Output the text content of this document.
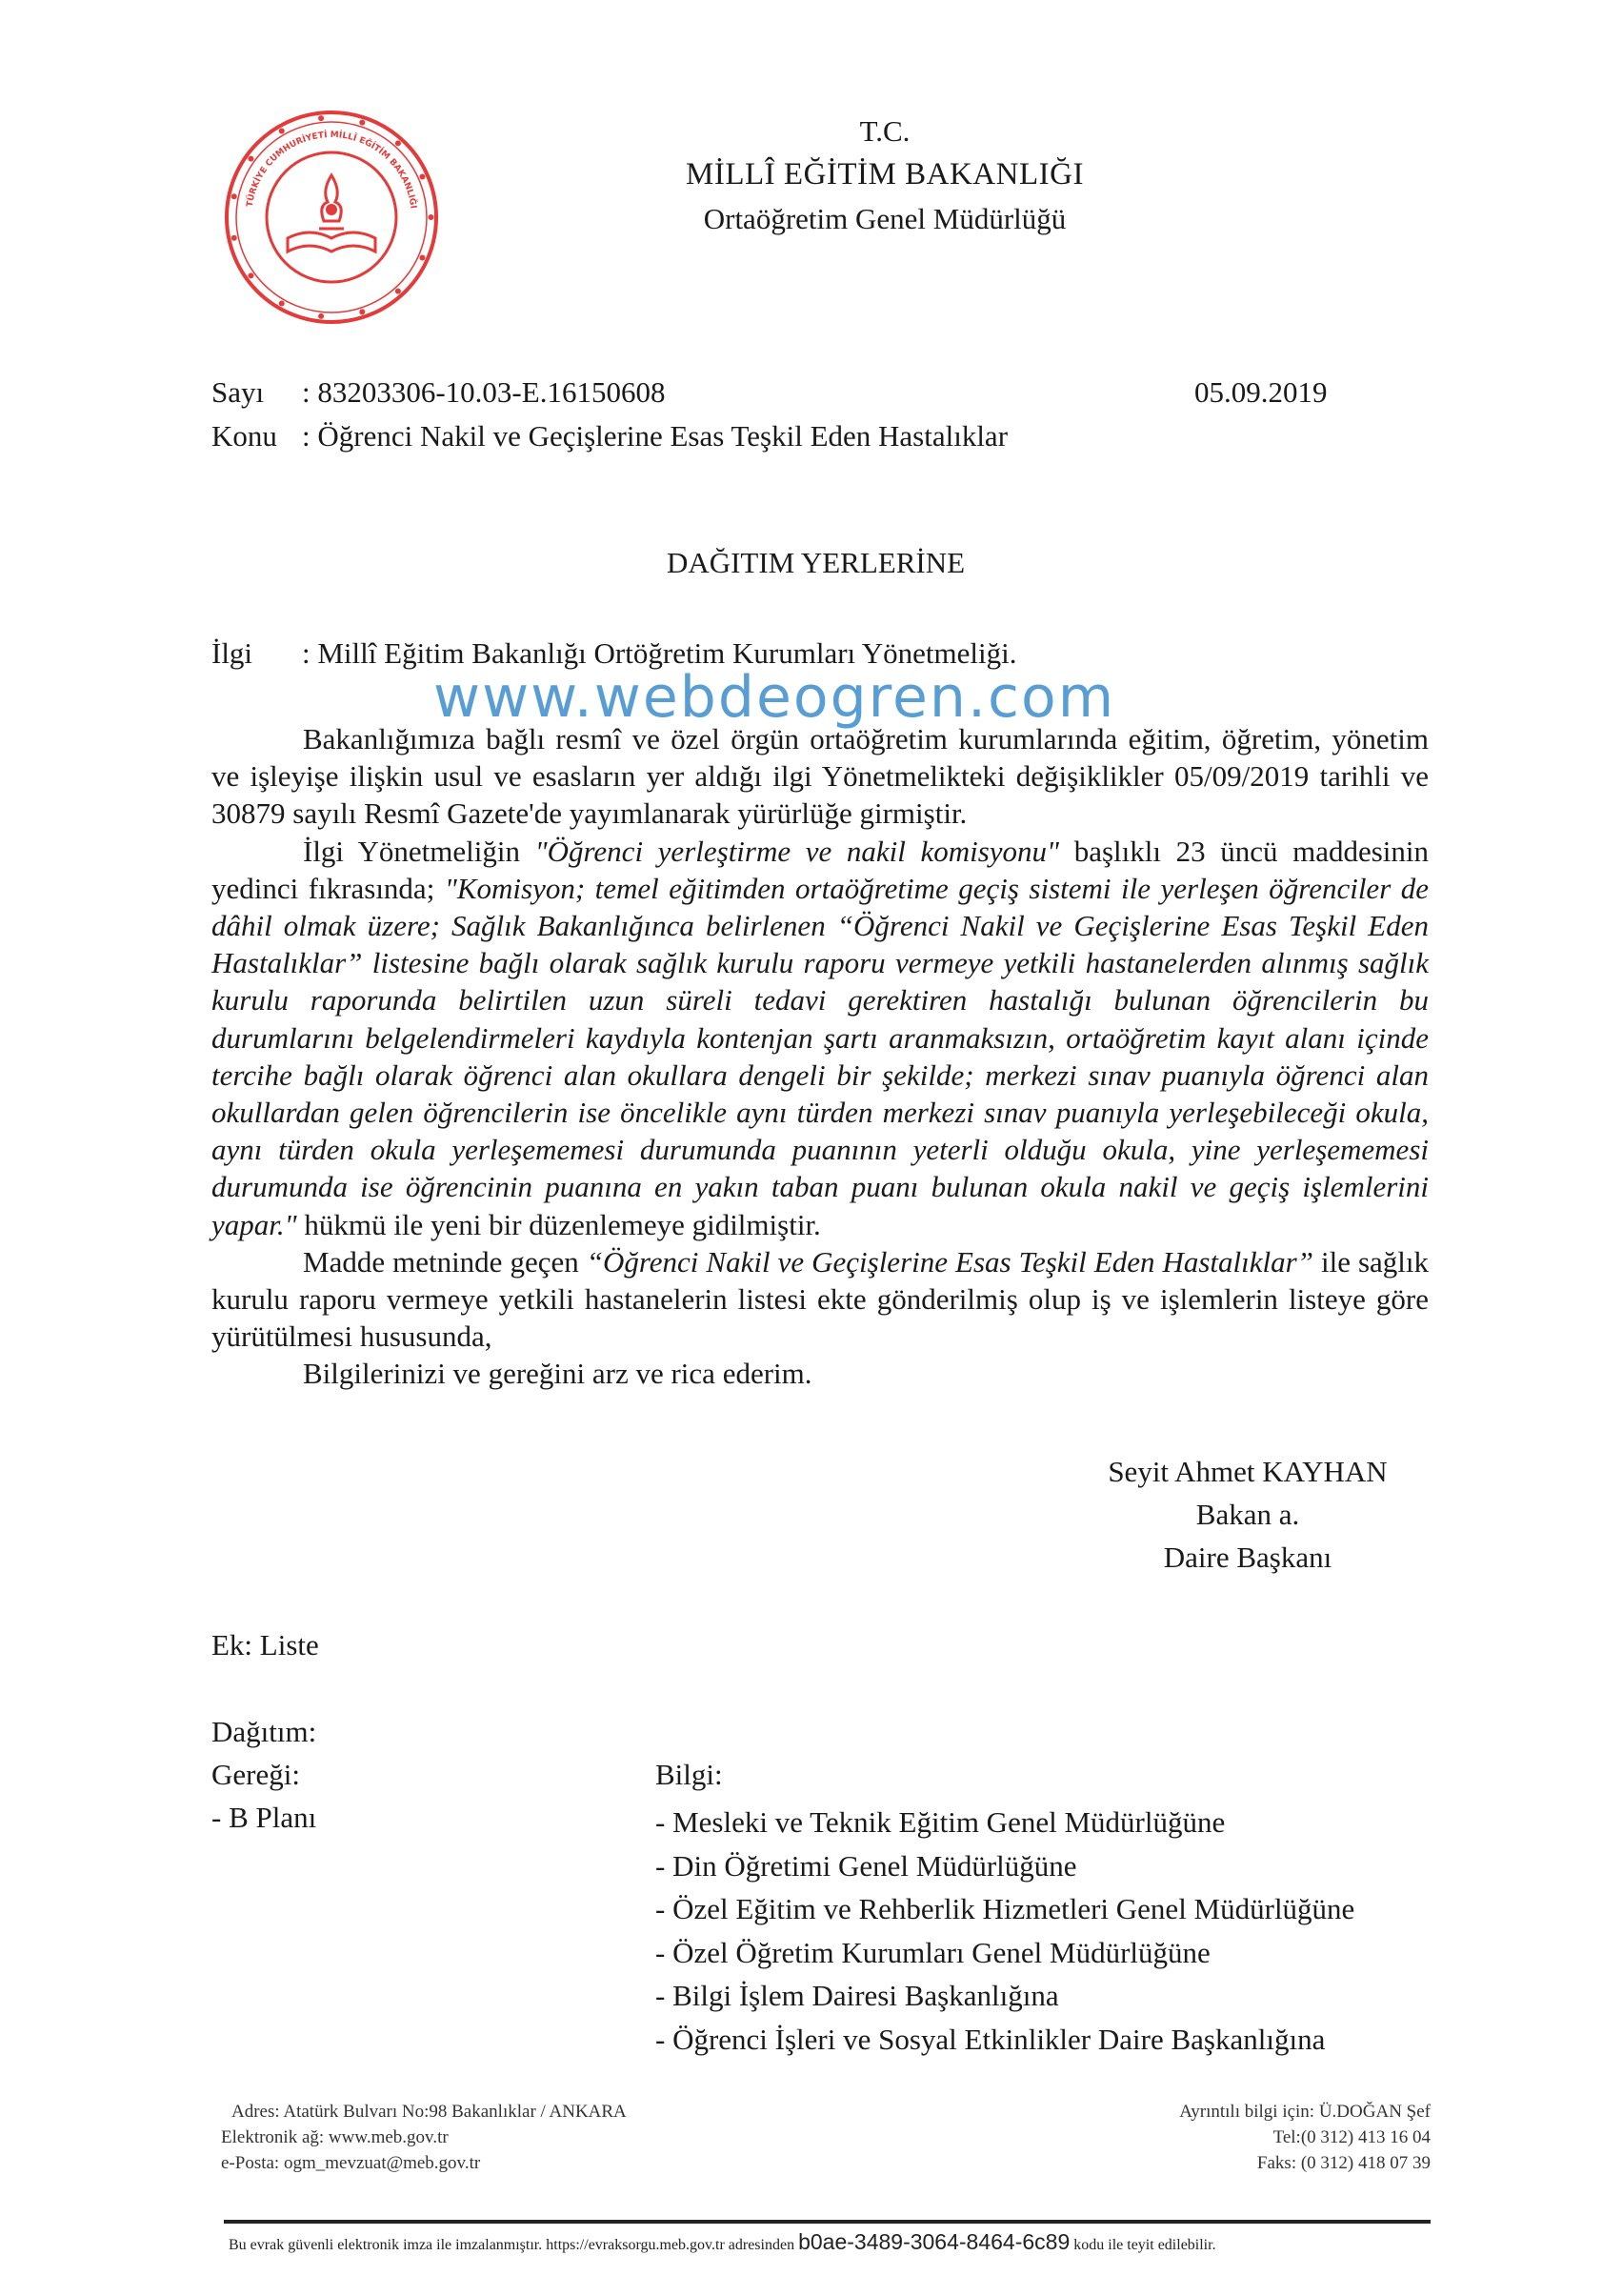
TÜRKİYE CUMHURİYETİ MİLLÎ EĞİTİM BAKANLIĞI
T.C.
MİLLÎ EĞİTİM BAKANLIĞI
Ortaöğretim Genel Müdürlüğü
Sayı : 83203306-10.03-E.16150608	05.09.2019
Konu : Öğrenci Nakil ve Geçişlerine Esas Teşkil Eden Hastalıklar
DAĞITIM YERLERİNE
İlgi : Millî Eğitim Bakanlığı Ortöğretim Kurumları Yönetmeliği.

Bakanlığımıza bağlı resmî ve özel örgün ortaöğretim kurumlarında eğitim, öğretim, yönetim ve işleyişe ilişkin usul ve esasların yer aldığı ilgi Yönetmelikteki değişiklikler 05/09/2019 tarihli ve 30879 sayılı Resmî Gazete'de yayımlanarak yürürlüğe girmiştir.

İlgi Yönetmeliğin "Öğrenci yerleştirme ve nakil komisyonu" başlıklı 23 üncü maddesinin yedinci fıkrasında; "Komisyon; temel eğitimden ortaöğretime geçiş sistemi ile yerleşen öğrenciler de dâhil olmak üzere; Sağlık Bakanlığınca belirlenen “Öğrenci Nakil ve Geçişlerine Esas Teşkil Eden Hastalıklar” listesine bağlı olarak sağlık kurulu raporu vermeye yetkili hastanelerden alınmış sağlık kurulu raporunda belirtilen uzun süreli tedavi gerektiren hastalığı bulunan öğrencilerin bu durumlarını belgelendirmeleri kaydıyla kontenjan şartı aranmaksızın, ortaöğretim kayıt alanı içinde tercihe bağlı olarak öğrenci alan okullara dengeli bir şekilde; merkezi sınav puanıyla öğrenci alan okullardan gelen öğrencilerin ise öncelikle aynı türden merkezi sınav puanıyla yerleşebileceği okula, aynı türden okula yerleşememesi durumunda puanının yeterli olduğu okula, yine yerleşememesi durumunda ise öğrencinin puanına en yakın taban puanı bulunan okula nakil ve geçiş işlemlerini yapar." hükmü ile yeni bir düzenlemeye gidilmiştir.

Madde metninde geçen “Öğrenci Nakil ve Geçişlerine Esas Teşkil Eden Hastalıklar” ile sağlık kurulu raporu vermeye yetkili hastanelerin listesi ekte gönderilmiş olup iş ve işlemlerin listeye göre yürütülmesi hususunda,

Bilgilerinizi ve gereğini arz ve rica ederim.

www.webdeogren.com
Seyit Ahmet KAYHAN
Bakan a.
Daire Başkanı
Ek: Liste
Dağıtım:
Gereği:
- B Planı
Bilgi:
- Mesleki ve Teknik Eğitim Genel Müdürlüğüne
- Din Öğretimi Genel Müdürlüğüne
- Özel Eğitim ve Rehberlik Hizmetleri Genel Müdürlüğüne
- Özel Öğretim Kurumları Genel Müdürlüğüne
- Bilgi İşlem Dairesi Başkanlığına
- Öğrenci İşleri ve Sosyal Etkinlikler Daire Başkanlığına
Adres: Atatürk Bulvarı No:98 Bakanlıklar / ANKARA
Elektronik ağ: www.meb.gov.tr
e-Posta: ogm_mevzuat@meb.gov.tr
Ayrıntılı bilgi için: Ü.DOĞAN Şef
Tel:(0 312) 413 16 04
Faks: (0 312) 418 07 39
Bu evrak güvenli elektronik imza ile imzalanmıştır. https://evraksorgu.meb.gov.tr adresinden b0ae-3489-3064-8464-6c89 kodu ile teyit edilebilir.
